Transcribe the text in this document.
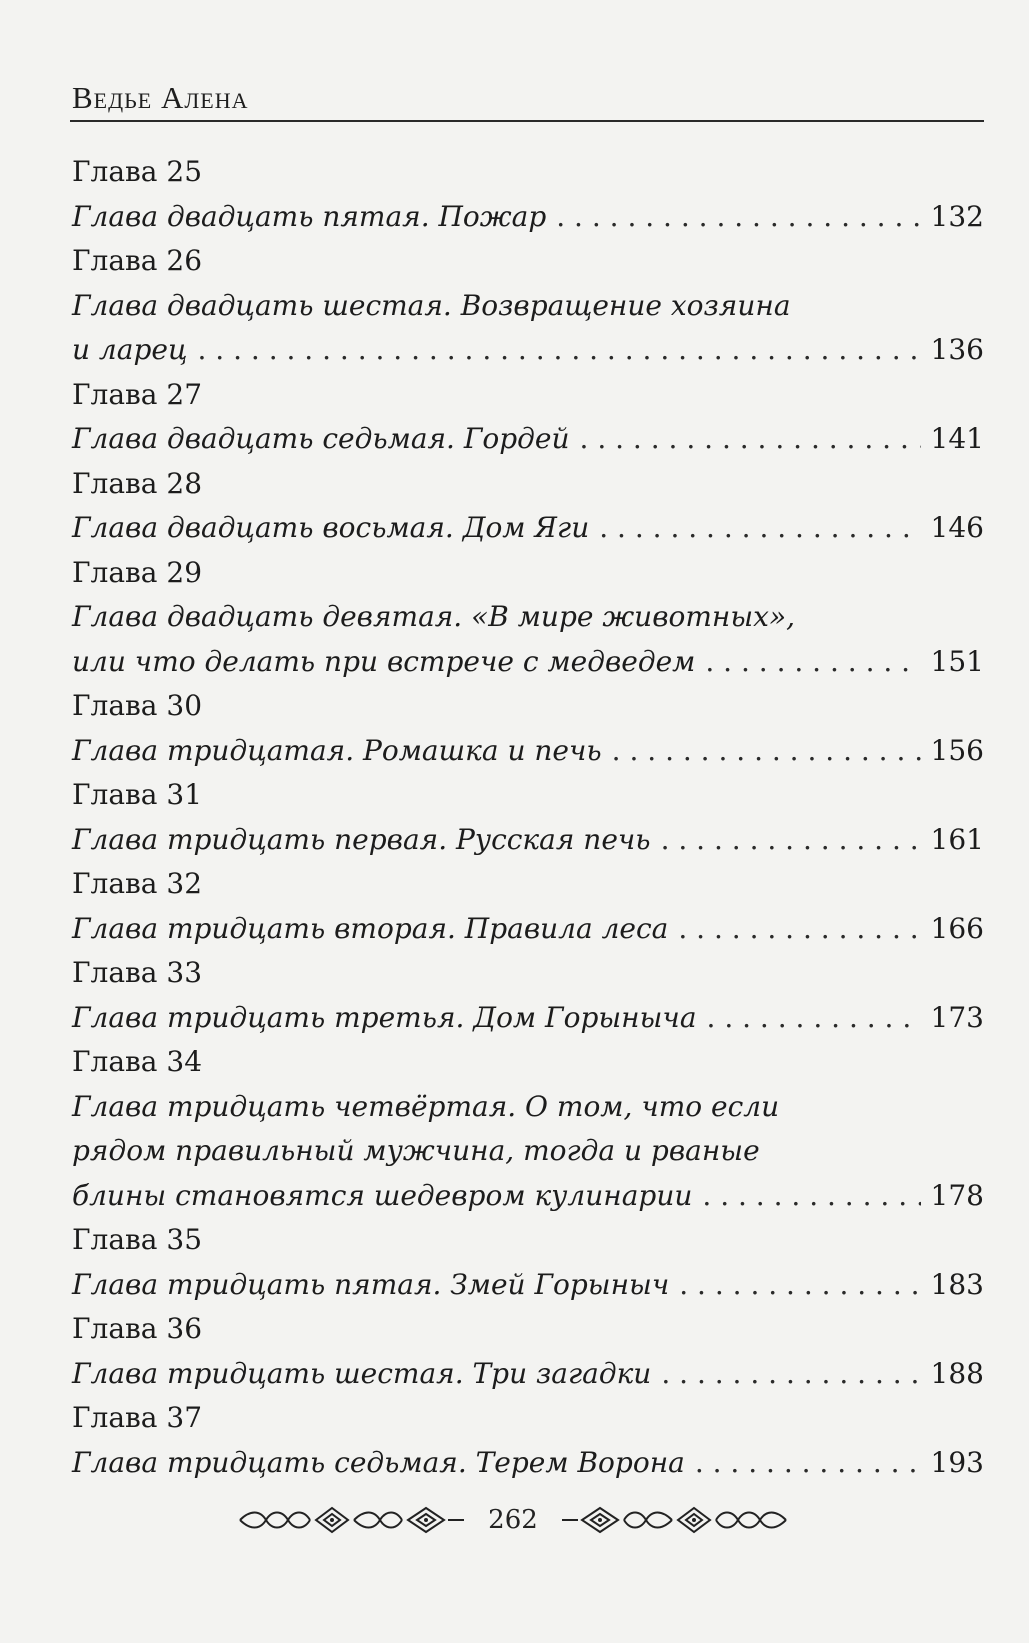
Ведье Алена
Глава 25
Глава двадцать пятая. Пожар . . .	132
Глава 26
Глава двадцать шестая. Возвращение хозяина
и ларец . . .	136
Глава 27
Глава двадцать седьмая. Гордей . . .	141
Глава 28
Глава двадцать восьмая. Дом Яги . . .	146
Глава 29
Глава двадцать девятая. «В мире животных»,
или что делать при встрече с медведем . . .	151
Глава 30
Глава тридцатая. Ромашка и печь . . .	156
Глава 31
Глава тридцать первая. Русская печь . . .	161
Глава 32
Глава тридцать вторая. Правила леса . . .	166
Глава 33
Глава тридцать третья. Дом Горыныча . . .	173
Глава 34
Глава тридцать четвёртая. О том, что если
рядом правильный мужчина, тогда и рваные
блины становятся шедевром кулинарии . . .	178
Глава 35
Глава тридцать пятая. Змей Горыныч . . .	183
Глава 36
Глава тридцать шестая. Три загадки . . .	188
Глава 37
Глава тридцать седьмая. Терем Ворона . . .	193
262
